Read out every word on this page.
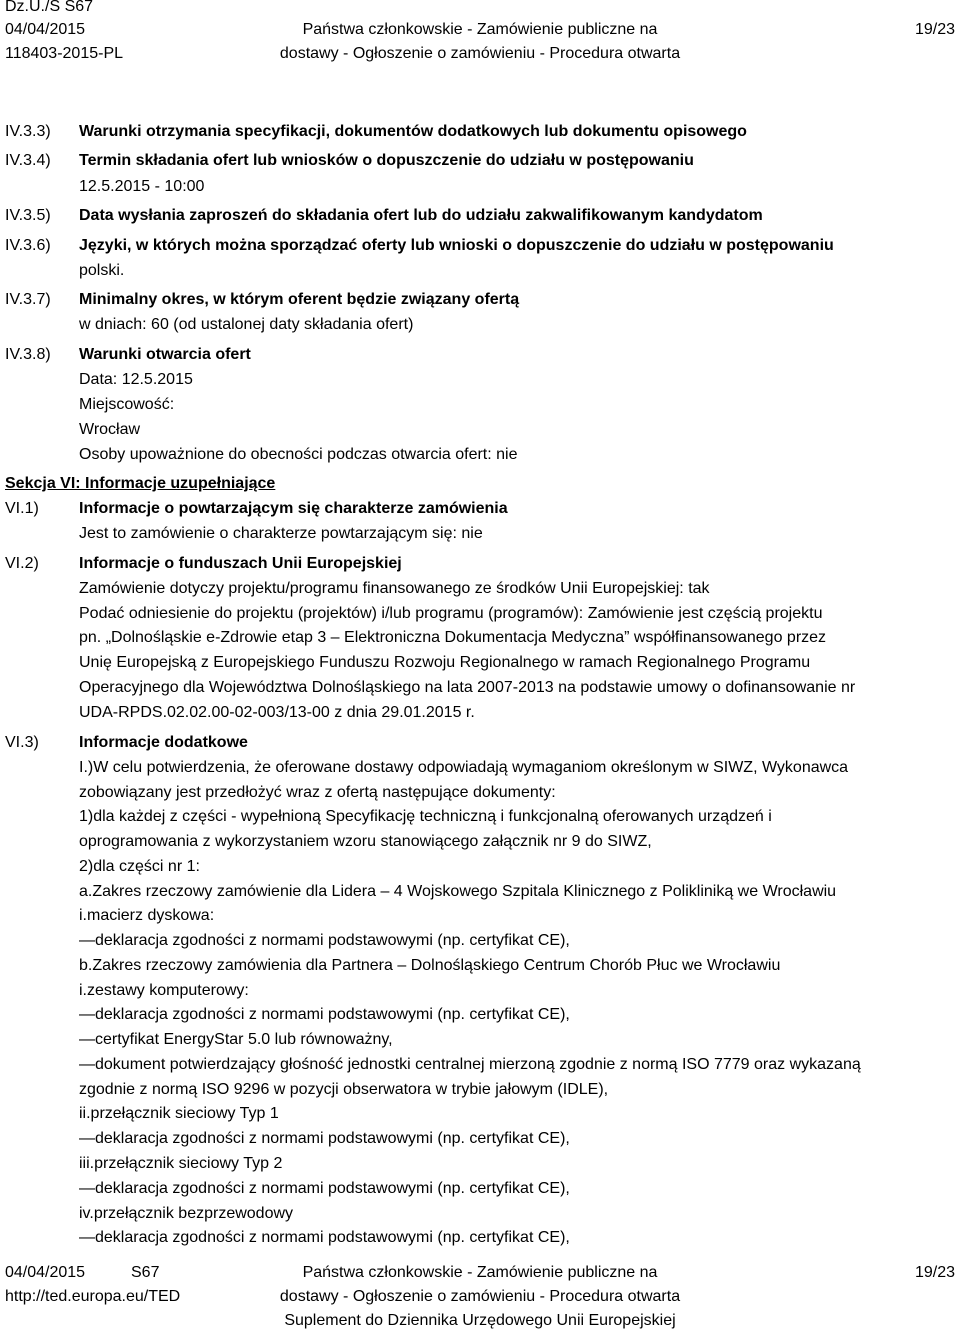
Dz.U./S S67
04/04/2015	Państwa członkowskie - Zamówienie publiczne na	19/23
118403-2015-PL	dostawy - Ogłoszenie o zamówieniu - Procedura otwarta
IV.3.3) Warunki otrzymania specyfikacji, dokumentów dodatkowych lub dokumentu opisowego
IV.3.4) Termin składania ofert lub wniosków o dopuszczenie do udziału w postępowaniu
12.5.2015 - 10:00
IV.3.5) Data wysłania zaproszeń do składania ofert lub do udziału zakwalifikowanym kandydatom
IV.3.6) Języki, w których można sporządzać oferty lub wnioski o dopuszczenie do udziału w postępowaniu
polski.
IV.3.7) Minimalny okres, w którym oferent będzie związany ofertą
w dniach: 60 (od ustalonej daty składania ofert)
IV.3.8) Warunki otwarcia ofert
Data: 12.5.2015
Miejscowość:
Wrocław
Osoby upoważnione do obecności podczas otwarcia ofert: nie
Sekcja VI: Informacje uzupełniające
VI.1)	Informacje o powtarzającym się charakterze zamówienia
Jest to zamówienie o charakterze powtarzającym się: nie
VI.2)	Informacje o funduszach Unii Europejskiej
Zamówienie dotyczy projektu/programu finansowanego ze środków Unii Europejskiej: tak
Podać odniesienie do projektu (projektów) i/lub programu (programów): Zamówienie jest częścią projektu
pn. „Dolnośląskie e-Zdrowie etap 3 – Elektroniczna Dokumentacja Medyczna” współfinansowanego przez
Unię Europejską z Europejskiego Funduszu Rozwoju Regionalnego w ramach Regionalnego Programu
Operacyjnego dla Województwa Dolnośląskiego na lata 2007-2013 na podstawie umowy o dofinansowanie nr
UDA-RPDS.02.02.00-02-003/13-00 z dnia 29.01.2015 r.
VI.3)	Informacje dodatkowe
I.)W celu potwierdzenia, że oferowane dostawy odpowiadają wymaganiom określonym w SIWZ, Wykonawca
zobowiązany jest przedłożyć wraz z ofertą następujące dokumenty:
1)dla każdej z części - wypełnioną Specyfikację techniczną i funkcjonalną oferowanych urządzeń i
oprogramowania z wykorzystaniem wzoru stanowiącego załącznik nr 9 do SIWZ,
2)dla części nr 1:
a.Zakres rzeczowy zamówienie dla Lidera – 4 Wojskowego Szpitala Klinicznego z Polikliniką we Wrocławiu
i.macierz dyskowa:
—deklaracja zgodności z normami podstawowymi (np. certyfikat CE),
b.Zakres rzeczowy zamówienia dla Partnera – Dolnośląskiego Centrum Chorób Płuc we Wrocławiu
i.zestawy komputerowy:
—deklaracja zgodności z normami podstawowymi (np. certyfikat CE),
—certyfikat EnergyStar 5.0 lub równoważny,
—dokument potwierdzający głośność jednostki centralnej mierzoną zgodnie z normą ISO 7779 oraz wykazaną
zgodnie z normą ISO 9296 w pozycji obserwatora w trybie jałowym (IDLE),
ii.przełącznik sieciowy Typ 1
—deklaracja zgodności z normami podstawowymi (np. certyfikat CE),
iii.przełącznik sieciowy Typ 2
—deklaracja zgodności z normami podstawowymi (np. certyfikat CE),
iv.przełącznik bezprzewodowy
—deklaracja zgodności z normami podstawowymi (np. certyfikat CE),
04/04/2015	S67	Państwa członkowskie - Zamówienie publiczne na	19/23
http://ted.europa.eu/TED	dostawy - Ogłoszenie o zamówieniu - Procedura otwarta
Suplement do Dziennika Urzędowego Unii Europejskiej
